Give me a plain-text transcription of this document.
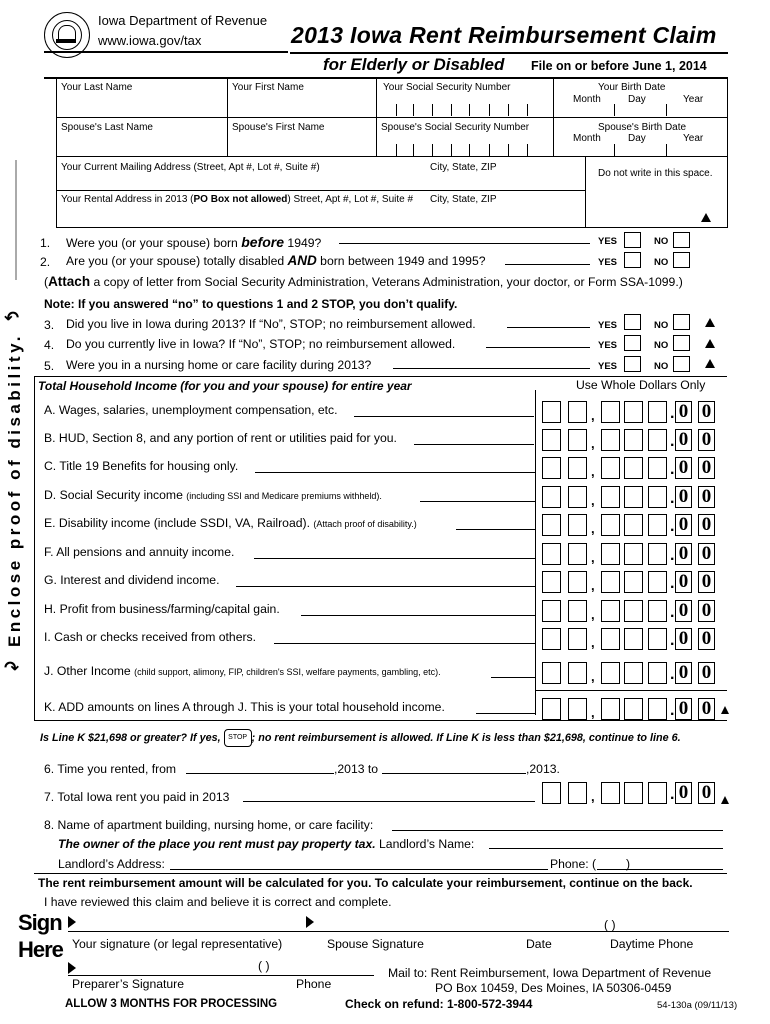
Iowa Department of Revenue
www.iowa.gov/tax	2013 Iowa Rent Reimbursement Claim
for Elderly or Disabled File on or before June 1, 2014
Your Last Name	Your First Name	Your Social Security Number	Your Birth Date
Month	Day	Year
Spouse's Last Name	Spouse's First Name	Spouse's Social Security Number	Spouse's Birth Date
Month	Day	Year
Your Current Mailing Address (Street, Apt #, Lot #, Suite #)	City, State, ZIP
Do not write in this space.
Your Rental Address in 2013 (PO Box not allowed) Street, Apt #, Lot #, Suite # City, State, ZIP
Enclose proof of disability.
↶
↷
1. Were you (or your spouse) born before 1949?	YES	NO
2. Are you (or your spouse) totally disabled AND born between 1949 and 1995?	YES	NO
(Attach a copy of letter from Social Security Administration, Veterans Administration, your doctor, or Form SSA-1099.)
Note: If you answered “no” to questions 1 and 2 STOP, you don’t qualify.
3. Did you live in Iowa during 2013? If “No”, STOP; no reimbursement allowed.	YES	NO
4. Do you currently live in Iowa? If “No”, STOP; no reimbursement allowed.	YES	NO
5. Were you in a nursing home or care facility during 2013?	YES	NO
Total Household Income (for you and your spouse) for entire year	Use Whole Dollars Only
A. Wages, salaries, unemployment compensation, etc.	,	. 0 0
B. HUD, Section 8, and any portion of rent or utilities paid for you.	,	. 0 0
C. Title 19 Benefits for housing only.	,	. 0 0
D. Social Security income (including SSI and Medicare premiums withheld).	,	. 0 0
E. Disability income (include SSDI, VA, Railroad). (Attach proof of disability.)	,	. 0 0
F. All pensions and annuity income.	,	. 0 0
G. Interest and dividend income.	,	. 0 0
H. Profit from business/farming/capital gain.	,	. 0 0
I. Cash or checks received from others.	,	. 0 0
J. Other Income (child support, alimony, FIP, children's SSI, welfare payments, gambling, etc).	,	. 0 0
K. ADD amounts on lines A through J. This is your total household income.	,	. 0 0
Is Line K $21,698 or greater? If yes, STOP ; no rent reimbursement is allowed. If Line K is less than $21,698, continue to line 6.
6. Time you rented, from	,2013 to	,2013.
7. Total Iowa rent you paid in 2013	,	. 0 0
8. Name of apartment building, nursing home, or care facility:
The owner of the place you rent must pay property tax. Landlord’s Name:
Landlord’s Address:	Phone: ( )
The rent reimbursement amount will be calculated for you. To calculate your reimbursement, continue on the back.
I have reviewed this claim and believe it is correct and complete.
Sign
Here
( )
Your signature (or legal representative)	Spouse Signature	Date	Daytime Phone
( )
Preparer’s Signature	Phone
Mail to: Rent Reimbursement, Iowa Department of Revenue
PO Box 10459, Des Moines, IA 50306-0459
ALLOW 3 MONTHS FOR PROCESSING	Check on refund: 1-800-572-3944	54-130a (09/11/13)
